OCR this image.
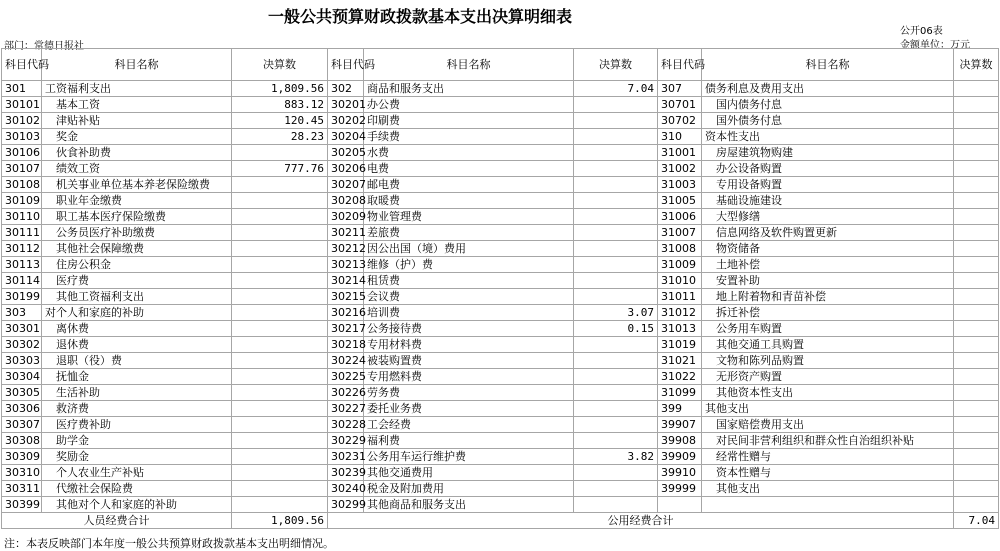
一般公共预算财政拨款基本支出决算明细表
公开06表
金额单位：万元
部门：常德日报社
科目代码	科目名称	决算数	科目代码	科目名称	决算数	科目代码	科目名称	决算数
301	工资福利支出	1,809.56	302	商品和服务支出	7.04	307	债务利息及费用支出	
30101	基本工资	883.12	30201	办公费		30701	国内债务付息	
30102	津贴补贴	120.45	30202	印刷费		30702	国外债务付息	
30103	奖金	28.23	30204	手续费		310	资本性支出	
30106	伙食补助费		30205	水费		31001	房屋建筑物购建	
30107	绩效工资	777.76	30206	电费		31002	办公设备购置	
30108	机关事业单位基本养老保险缴费		30207	邮电费		31003	专用设备购置	
30109	职业年金缴费		30208	取暖费		31005	基础设施建设	
30110	职工基本医疗保险缴费		30209	物业管理费		31006	大型修缮	
30111	公务员医疗补助缴费		30211	差旅费		31007	信息网络及软件购置更新	
30112	其他社会保障缴费		30212	因公出国（境）费用		31008	物资储备	
30113	住房公积金		30213	维修（护）费		31009	土地补偿	
30114	医疗费		30214	租赁费		31010	安置补助	
30199	其他工资福利支出		30215	会议费		31011	地上附着物和青苗补偿	
303	对个人和家庭的补助		30216	培训费	3.07	31012	拆迁补偿	
30301	离休费		30217	公务接待费	0.15	31013	公务用车购置	
30302	退休费		30218	专用材料费		31019	其他交通工具购置	
30303	退职（役）费		30224	被装购置费		31021	文物和陈列品购置	
30304	抚恤金		30225	专用燃料费		31022	无形资产购置	
30305	生活补助		30226	劳务费		31099	其他资本性支出	
30306	救济费		30227	委托业务费		399	其他支出	
30307	医疗费补助		30228	工会经费		39907	国家赔偿费用支出	
30308	助学金		30229	福利费		39908	对民间非营利组织和群众性自治组织补贴	
30309	奖励金		30231	公务用车运行维护费	3.82	39909	经常性赠与	
30310	个人农业生产补贴		30239	其他交通费用		39910	资本性赠与	
30311	代缴社会保险费		30240	税金及附加费用		39999	其他支出	
30399	其他对个人和家庭的补助		30299	其他商品和服务支出				
人员经费合计		1,809.56	公用经费合计					7.04
注：本表反映部门本年度一般公共预算财政拨款基本支出明细情况。
